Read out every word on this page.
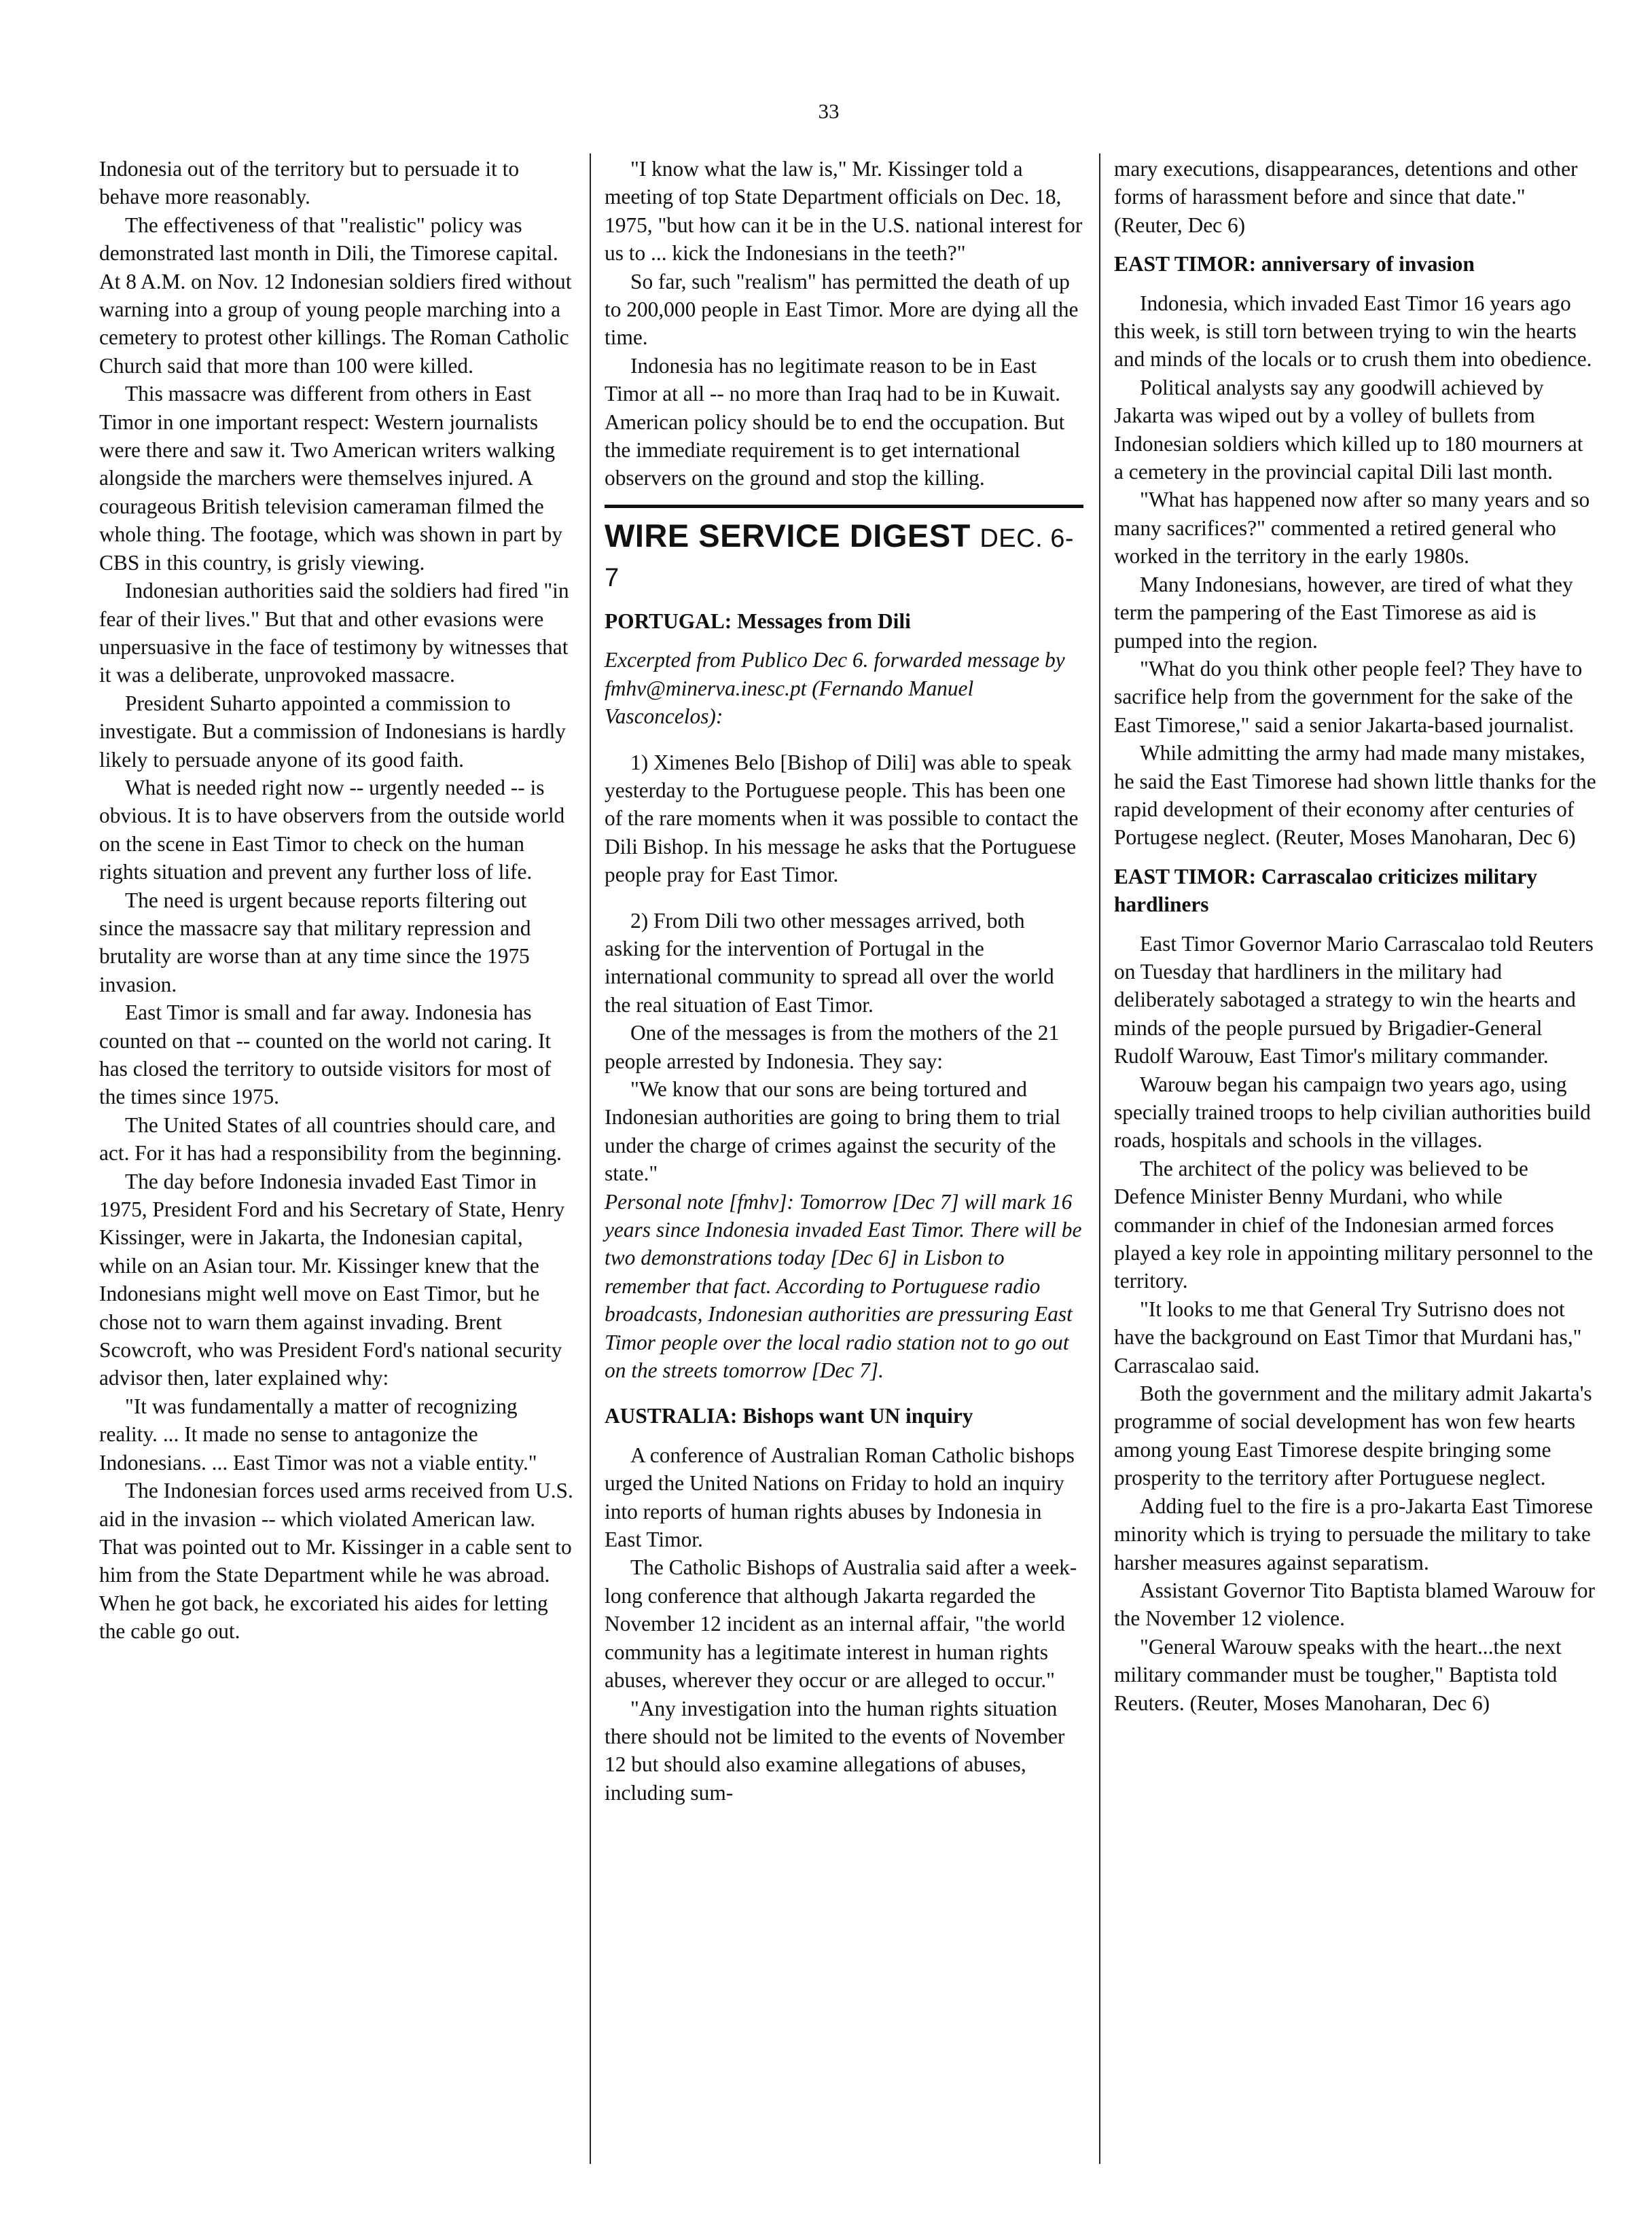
33

Indonesia out of the territory but to persuade it to behave more reasonably.

The effectiveness of that "realistic" policy was demonstrated last month in Dili, the Timorese capital. At 8 A.M. on Nov. 12 Indonesian soldiers fired without warning into a group of young people marching into a cemetery to protest other killings. The Roman Catholic Church said that more than 100 were killed.

This massacre was different from others in East Timor in one important respect: Western journalists were there and saw it. Two American writers walking alongside the marchers were themselves injured. A courageous British television cameraman filmed the whole thing. The footage, which was shown in part by CBS in this country, is grisly viewing.

Indonesian authorities said the soldiers had fired "in fear of their lives." But that and other evasions were unpersuasive in the face of testimony by witnesses that it was a deliberate, unprovoked massacre.

President Suharto appointed a commission to investigate. But a commission of Indonesians is hardly likely to persuade anyone of its good faith.

What is needed right now -- urgently needed -- is obvious. It is to have observers from the outside world on the scene in East Timor to check on the human rights situation and prevent any further loss of life.

The need is urgent because reports filtering out since the massacre say that military repression and brutality are worse than at any time since the 1975 invasion.

East Timor is small and far away. Indonesia has counted on that -- counted on the world not caring. It has closed the territory to outside visitors for most of the times since 1975.

The United States of all countries should care, and act. For it has had a responsibility from the beginning.

The day before Indonesia invaded East Timor in 1975, President Ford and his Secretary of State, Henry Kissinger, were in Jakarta, the Indonesian capital, while on an Asian tour. Mr. Kissinger knew that the Indonesians might well move on East Timor, but he chose not to warn them against invading. Brent Scowcroft, who was President Ford's national security advisor then, later explained why:

"It was fundamentally a matter of recognizing reality. ... It made no sense to antagonize the Indonesians. ... East Timor was not a viable entity."

The Indonesian forces used arms received from U.S. aid in the invasion -- which violated American law. That was pointed out to Mr. Kissinger in a cable sent to him from the State Department while he was abroad. When he got back, he excoriated his aides for letting the cable go out.

"I know what the law is," Mr. Kissinger told a meeting of top State Department officials on Dec. 18, 1975, "but how can it be in the U.S. national interest for us to ... kick the Indonesians in the teeth?"

So far, such "realism" has permitted the death of up to 200,000 people in East Timor. More are dying all the time.

Indonesia has no legitimate reason to be in East Timor at all -- no more than Iraq had to be in Kuwait. American policy should be to end the occupation. But the immediate requirement is to get international observers on the ground and stop the killing.

WIRE SERVICE DIGEST DEC. 6-7

PORTUGAL: Messages from Dili

Excerpted from Publico Dec 6. forwarded message by fmhv@minerva.inesc.pt (Fernando Manuel Vasconcelos):

1) Ximenes Belo [Bishop of Dili] was able to speak yesterday to the Portuguese people. This has been one of the rare moments when it was possible to contact the Dili Bishop. In his message he asks that the Portuguese people pray for East Timor.

2) From Dili two other messages arrived, both asking for the intervention of Portugal in the international community to spread all over the world the real situation of East Timor.

One of the messages is from the mothers of the 21 people arrested by Indonesia. They say:

"We know that our sons are being tortured and Indonesian authorities are going to bring them to trial under the charge of crimes against the security of the state."

Personal note [fmhv]: Tomorrow [Dec 7] will mark 16 years since Indonesia invaded East Timor. There will be two demonstrations today [Dec 6] in Lisbon to remember that fact. According to Portuguese radio broadcasts, Indonesian authorities are pressuring East Timor people over the local radio station not to go out on the streets tomorrow [Dec 7].

AUSTRALIA: Bishops want UN inquiry

A conference of Australian Roman Catholic bishops urged the United Nations on Friday to hold an inquiry into reports of human rights abuses by Indonesia in East Timor.

The Catholic Bishops of Australia said after a week-long conference that although Jakarta regarded the November 12 incident as an internal affair, "the world community has a legitimate interest in human rights abuses, wherever they occur or are alleged to occur."

"Any investigation into the human rights situation there should not be limited to the events of November 12 but should also examine allegations of abuses, including sum-

mary executions, disappearances, detentions and other forms of harassment before and since that date." (Reuter, Dec 6)

EAST TIMOR: anniversary of invasion

Indonesia, which invaded East Timor 16 years ago this week, is still torn between trying to win the hearts and minds of the locals or to crush them into obedience.

Political analysts say any goodwill achieved by Jakarta was wiped out by a volley of bullets from Indonesian soldiers which killed up to 180 mourners at a cemetery in the provincial capital Dili last month.

"What has happened now after so many years and so many sacrifices?" commented a retired general who worked in the territory in the early 1980s.

Many Indonesians, however, are tired of what they term the pampering of the East Timorese as aid is pumped into the region.

"What do you think other people feel? They have to sacrifice help from the government for the sake of the East Timorese," said a senior Jakarta-based journalist.

While admitting the army had made many mistakes, he said the East Timorese had shown little thanks for the rapid development of their economy after centuries of Portugese neglect. (Reuter, Moses Manoharan, Dec 6)

EAST TIMOR: Carrascalao criticizes military hardliners

East Timor Governor Mario Carrascalao told Reuters on Tuesday that hardliners in the military had deliberately sabotaged a strategy to win the hearts and minds of the people pursued by Brigadier-General Rudolf Warouw, East Timor's military commander.

Warouw began his campaign two years ago, using specially trained troops to help civilian authorities build roads, hospitals and schools in the villages.

The architect of the policy was believed to be Defence Minister Benny Murdani, who while commander in chief of the Indonesian armed forces played a key role in appointing military personnel to the territory.

"It looks to me that General Try Sutrisno does not have the background on East Timor that Murdani has," Carrascalao said.

Both the government and the military admit Jakarta's programme of social development has won few hearts among young East Timorese despite bringing some prosperity to the territory after Portuguese neglect.

Adding fuel to the fire is a pro-Jakarta East Timorese minority which is trying to persuade the military to take harsher measures against separatism.

Assistant Governor Tito Baptista blamed Warouw for the November 12 violence.

"General Warouw speaks with the heart...the next military commander must be tougher," Baptista told Reuters. (Reuter, Moses Manoharan, Dec 6)
